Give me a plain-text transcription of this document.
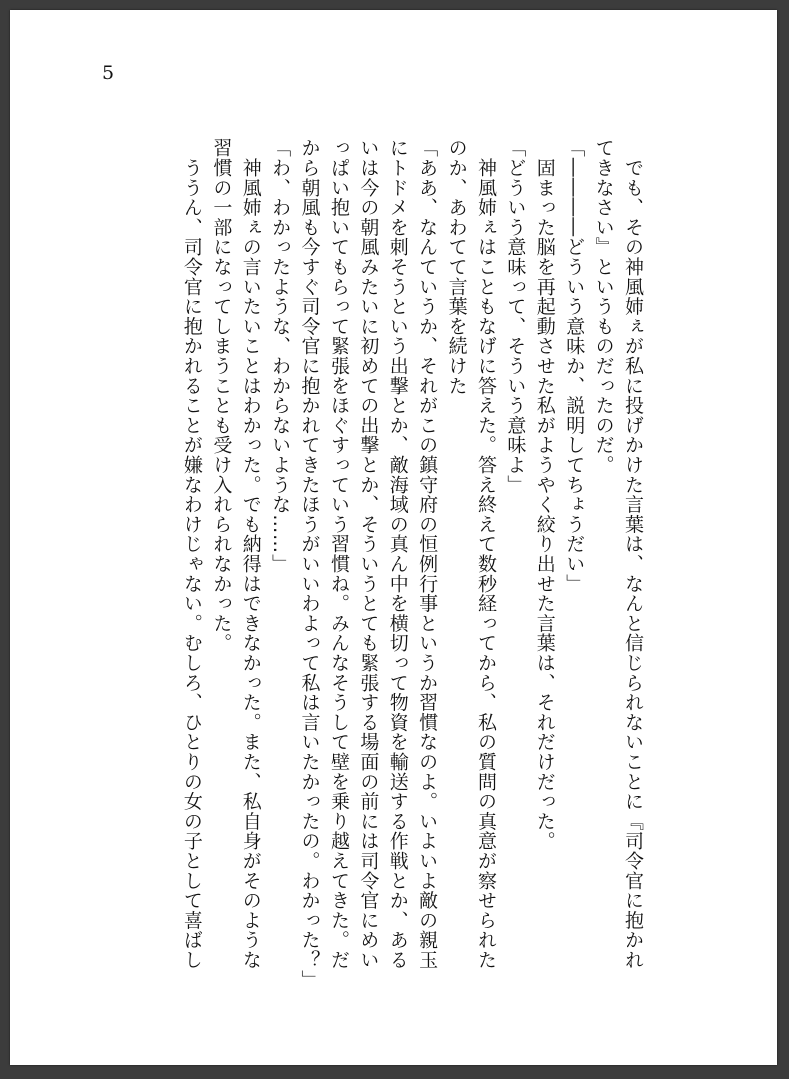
5
　でも、その神風姉ぇが私に投げかけた言葉は、なんと信じられないことに『司令官に抱かれ
てきなさい』というものだったのだ。
「――――どういう意味か、説明してちょうだい」
　固まった脳を再起動させた私がようやく絞り出せた言葉は、それだけだった。
「どういう意味って、そういう意味よ」
　神風姉ぇはこともなげに答えた。答え終えて数秒経ってから、私の質問の真意が察せられた
のか、あわてて言葉を続けた
「ああ、なんていうか、それがこの鎮守府の恒例行事というか習慣なのよ。いよいよ敵の親玉
にトドメを刺そうという出撃とか、敵海域の真ん中を横切って物資を輸送する作戦とか、ある
いは今の朝風みたいに初めての出撃とか、そういうとても緊張する場面の前には司令官にめい
っぱい抱いてもらって緊張をほぐすっていう習慣ね。みんなそうして壁を乗り越えてきた。だ
から朝風も今すぐ司令官に抱かれてきたほうがいいわよって私は言いたかったの。わかった？」
「わ、わかったような、わからないような……」
　神風姉ぇの言いたいことはわかった。でも納得はできなかった。また、私自身がそのような
習慣の一部になってしまうことも受け入れられなかった。
　ううん、司令官に抱かれることが嫌なわけじゃない。むしろ、ひとりの女の子として喜ばし
